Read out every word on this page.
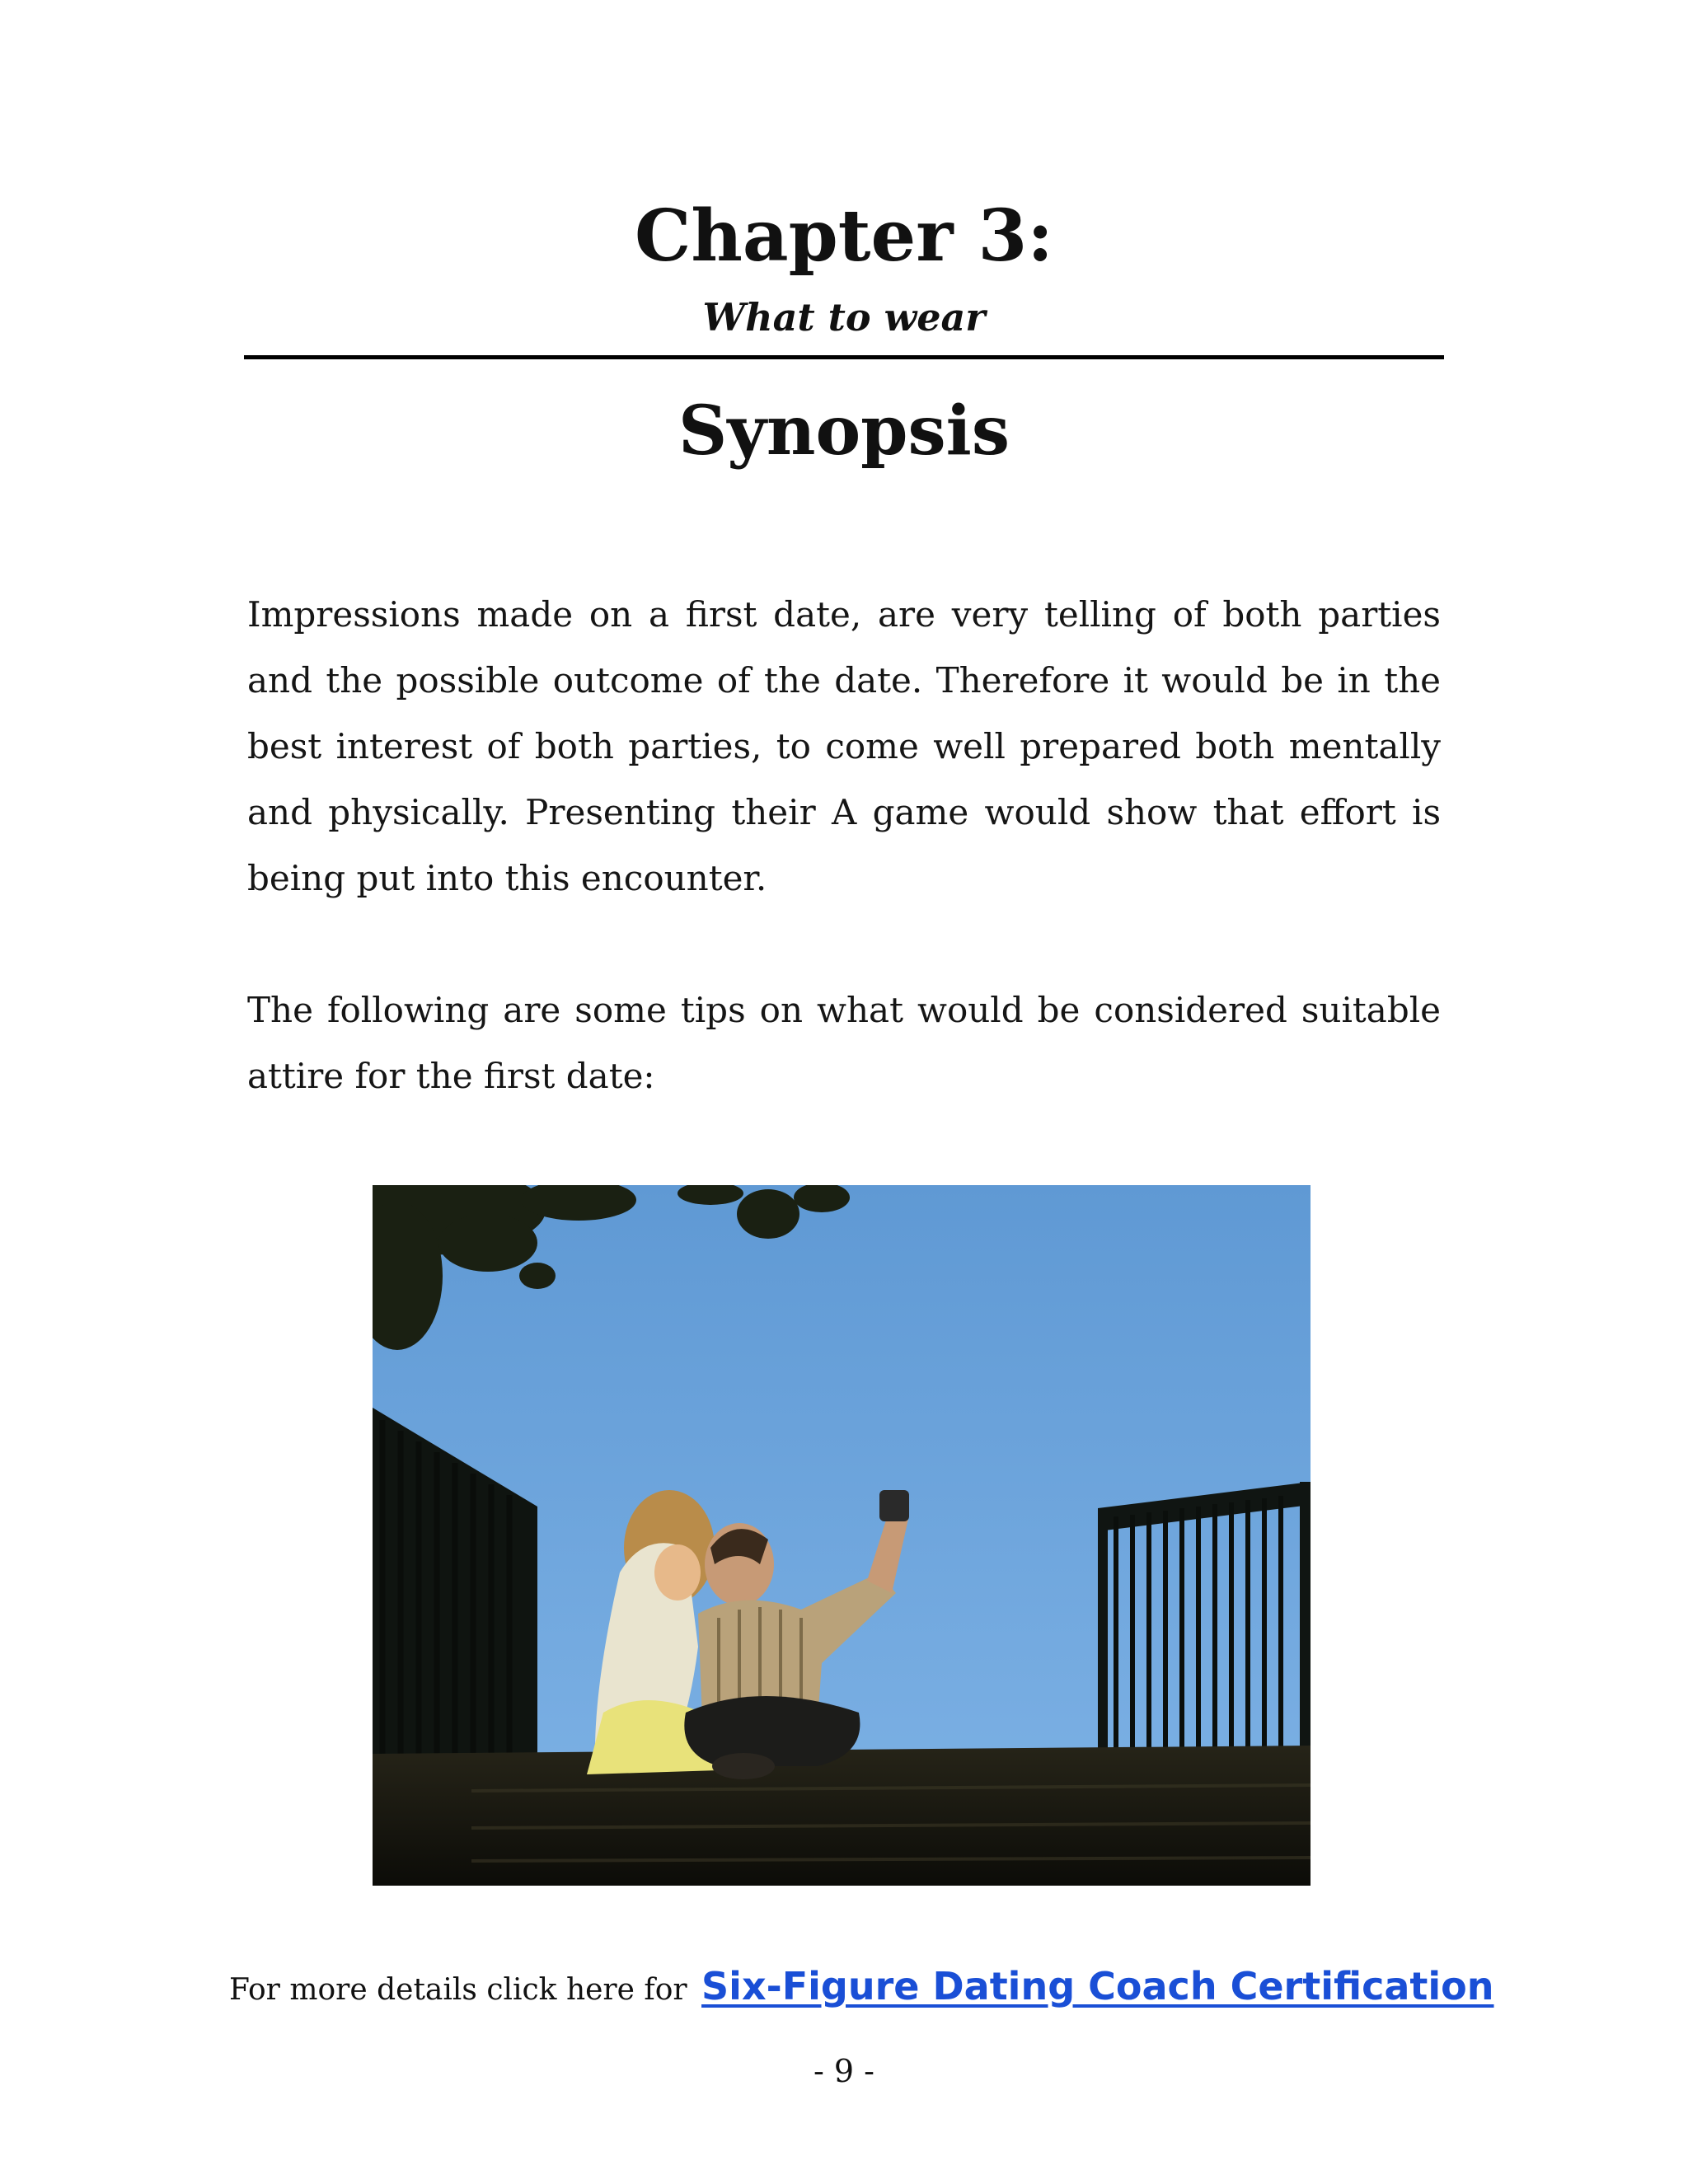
Chapter 3:
What to wear
Synopsis

Impressions made on a first date, are very telling of both parties and the possible outcome of the date. Therefore it would be in the best interest of both parties, to come well prepared both mentally and physically. Presenting their A game would show that effort is being put into this encounter.

The following are some tips on what would be considered suitable attire for the first date:

For more details click here for Six-Figure Dating Coach Certification
- 9 -
